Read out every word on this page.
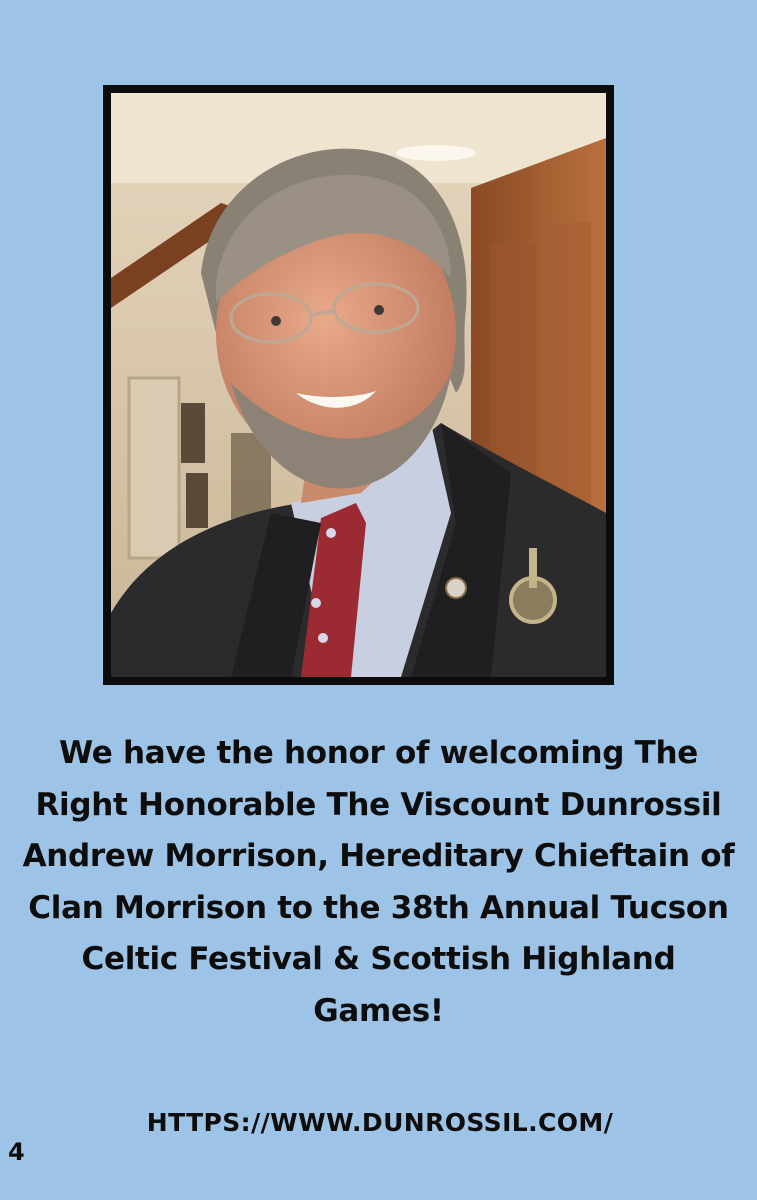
We have the honor of welcoming The Right Honorable The Viscount Dunrossil Andrew Morrison, Hereditary Chieftain of Clan Morrison to the 38th Annual Tucson Celtic Festival & Scottish Highland Games!

HTTPS://WWW.DUNROSSIL.COM/
4
